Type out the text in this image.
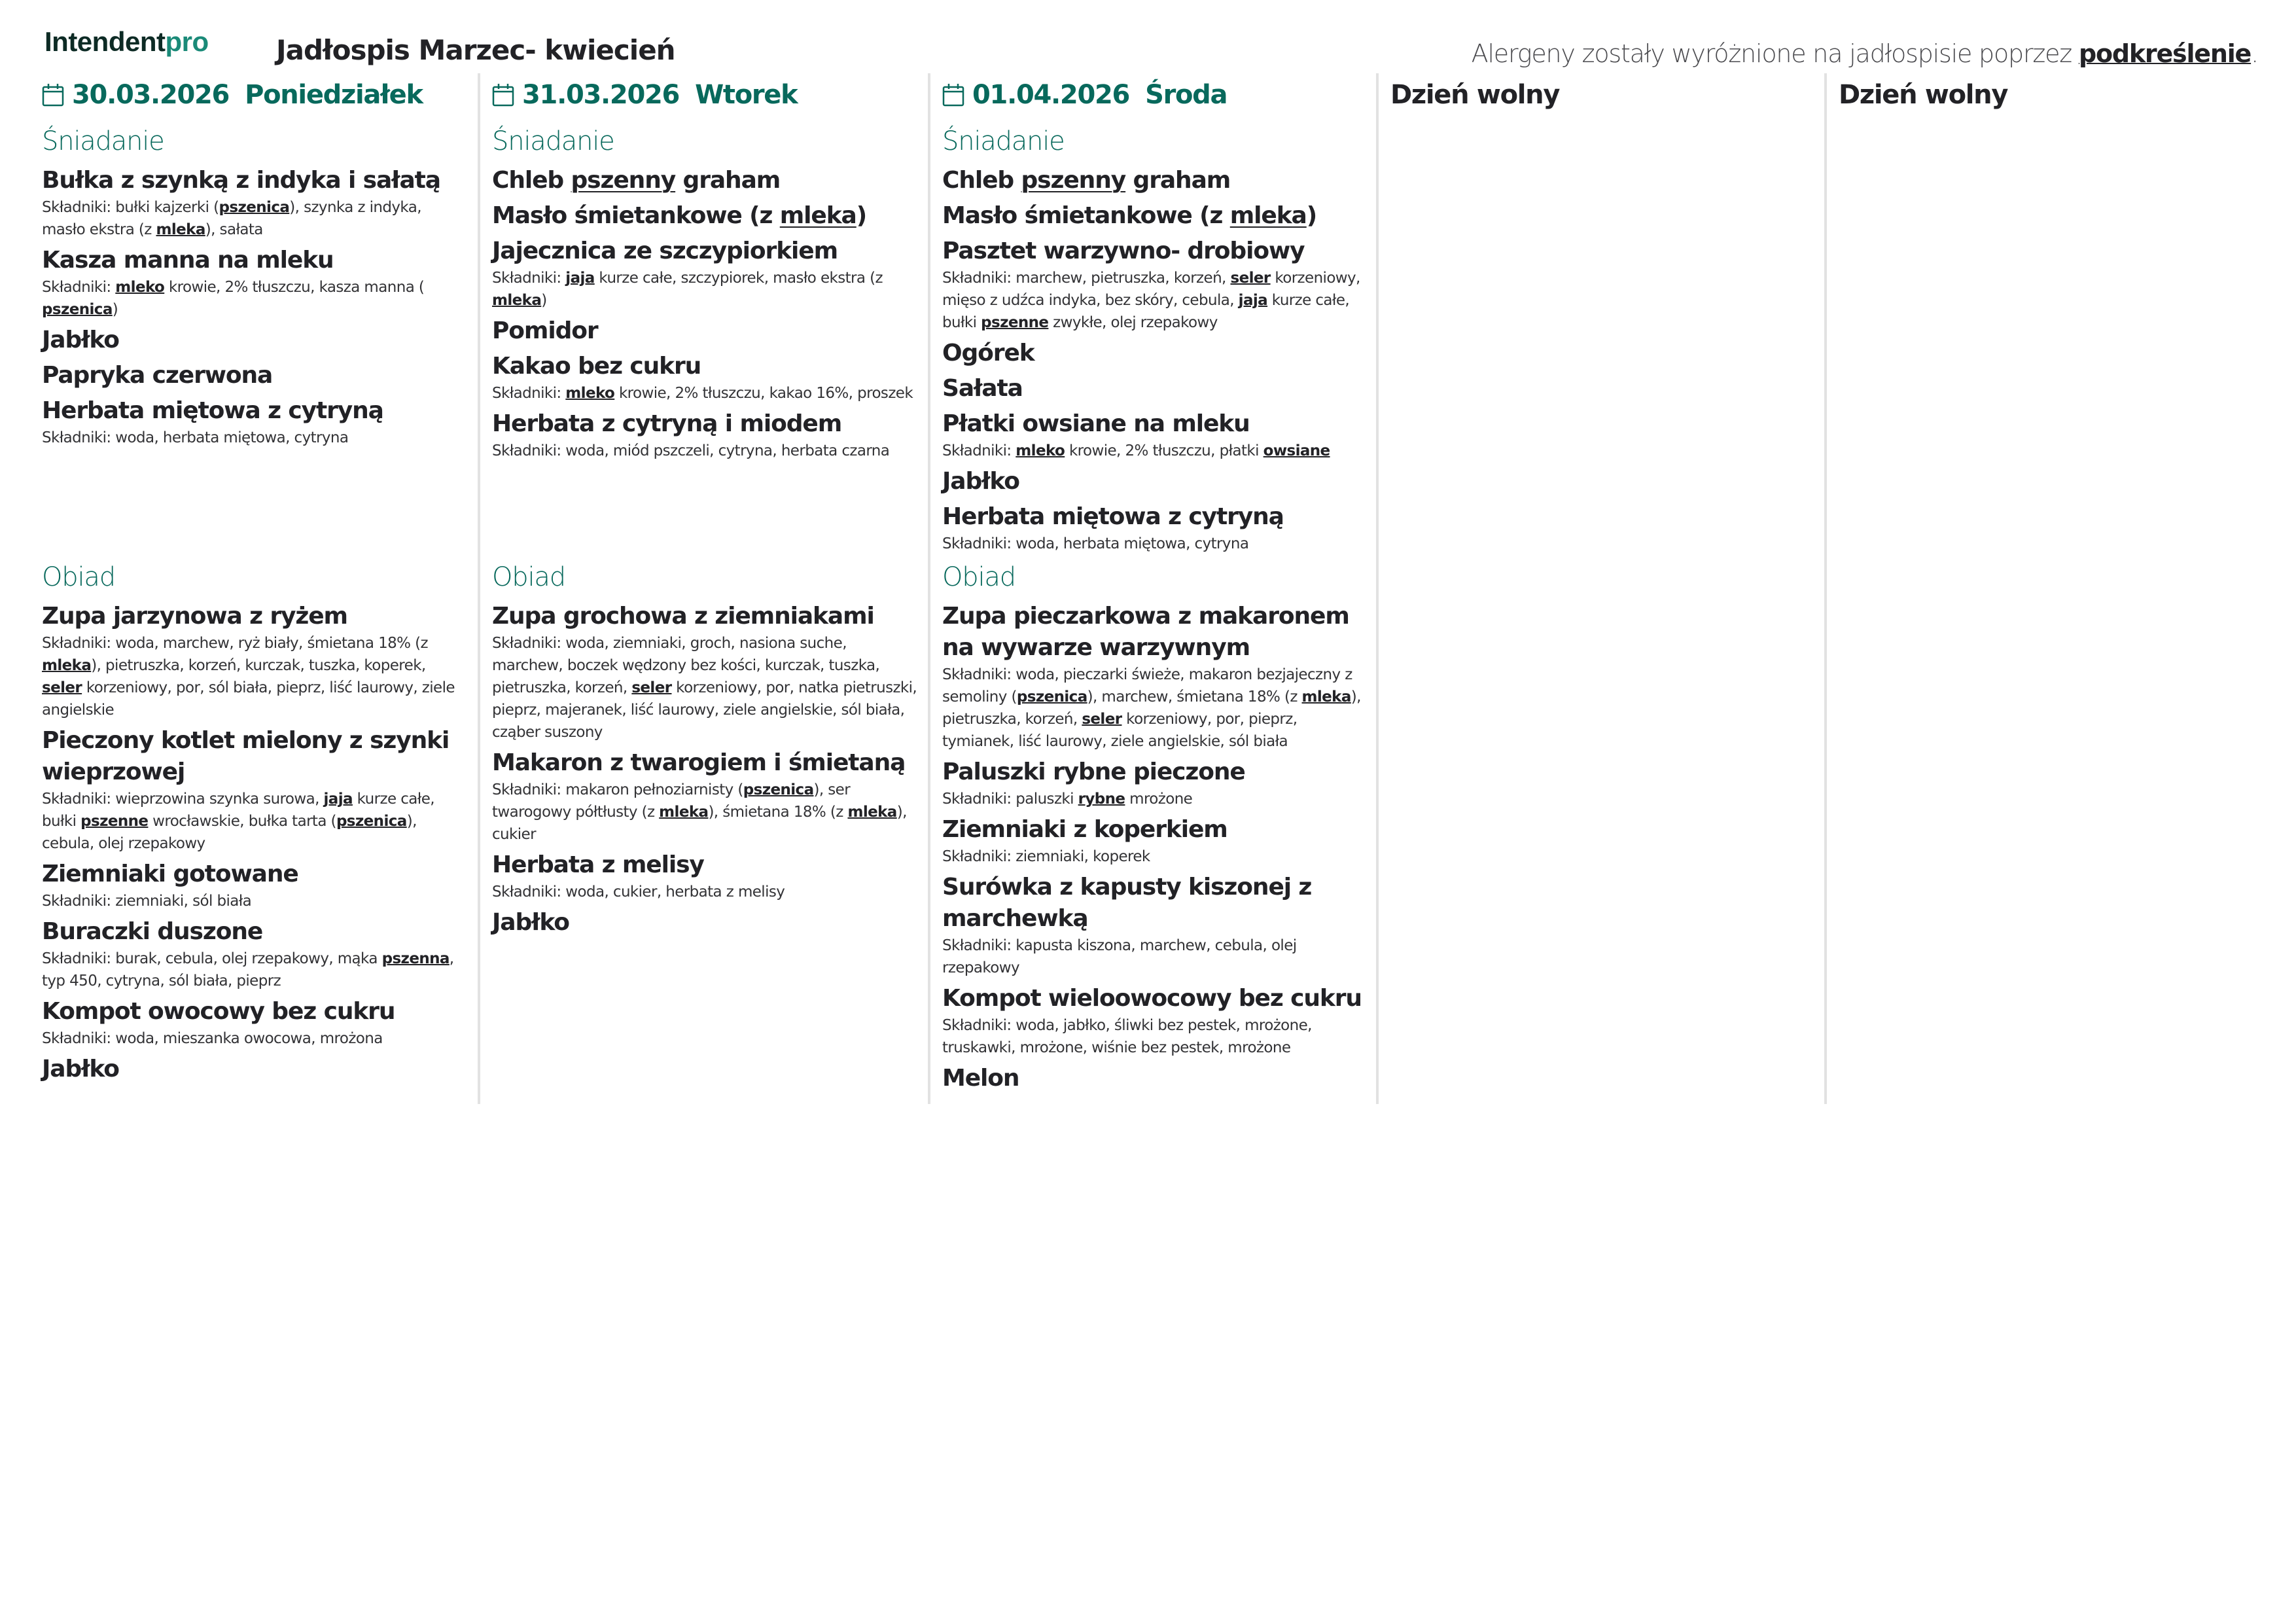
Intendentpro Jadłospis Marzec- kwiecień	Alergeny zostały wyróżnione na jadłospisie poprzez podkreślenie.
30.03.2026 Poniedziałek
Śniadanie
Bułka z szynką z indyka i sałatą
Składniki: bułki kajzerki (pszenica), szynka z indyka, masło ekstra (z mleka), sałata
Kasza manna na mleku
Składniki: mleko krowie, 2% tłuszczu, kasza manna ( pszenica)
Jabłko
Papryka czerwona
Herbata miętowa z cytryną
Składniki: woda, herbata miętowa, cytryna
Obiad
Zupa jarzynowa z ryżem
Składniki: woda, marchew, ryż biały, śmietana 18% (z mleka), pietruszka, korzeń, kurczak, tuszka, koperek, seler korzeniowy, por, sól biała, pieprz, liść laurowy, ziele angielskie
Pieczony kotlet mielony z szynki wieprzowej
Składniki: wieprzowina szynka surowa, jaja kurze całe, bułki pszenne wrocławskie, bułka tarta (pszenica), cebula, olej rzepakowy
Ziemniaki gotowane
Składniki: ziemniaki, sól biała
Buraczki duszone
Składniki: burak, cebula, olej rzepakowy, mąka pszenna, typ 450, cytryna, sól biała, pieprz
Kompot owocowy bez cukru
Składniki: woda, mieszanka owocowa, mrożona
Jabłko
31.03.2026 Wtorek
Śniadanie
Chleb pszenny graham
Masło śmietankowe (z mleka)
Jajecznica ze szczypiorkiem
Składniki: jaja kurze całe, szczypiorek, masło ekstra (z mleka)
Pomidor
Kakao bez cukru
Składniki: mleko krowie, 2% tłuszczu, kakao 16%, proszek
Herbata z cytryną i miodem
Składniki: woda, miód pszczeli, cytryna, herbata czarna
Obiad
Zupa grochowa z ziemniakami
Składniki: woda, ziemniaki, groch, nasiona suche, marchew, boczek wędzony bez kości, kurczak, tuszka, pietruszka, korzeń, seler korzeniowy, por, natka pietruszki, pieprz, majeranek, liść laurowy, ziele angielskie, sól biała, cząber suszony
Makaron z twarogiem i śmietaną
Składniki: makaron pełnoziarnisty (pszenica), ser twarogowy półtłusty (z mleka), śmietana 18% (z mleka), cukier
Herbata z melisy
Składniki: woda, cukier, herbata z melisy
Jabłko
01.04.2026 Środa
Śniadanie
Chleb pszenny graham
Masło śmietankowe (z mleka)
Pasztet warzywno- drobiowy
Składniki: marchew, pietruszka, korzeń, seler korzeniowy, mięso z udźca indyka, bez skóry, cebula, jaja kurze całe, bułki pszenne zwykłe, olej rzepakowy
Ogórek
Sałata
Płatki owsiane na mleku
Składniki: mleko krowie, 2% tłuszczu, płatki owsiane
Jabłko
Herbata miętowa z cytryną
Składniki: woda, herbata miętowa, cytryna
Obiad
Zupa pieczarkowa z makaronem na wywarze warzywnym
Składniki: woda, pieczarki świeże, makaron bezjajeczny z semoliny (pszenica), marchew, śmietana 18% (z mleka), pietruszka, korzeń, seler korzeniowy, por, pieprz, tymianek, liść laurowy, ziele angielskie, sól biała
Paluszki rybne pieczone
Składniki: paluszki rybne mrożone
Ziemniaki z koperkiem
Składniki: ziemniaki, koperek
Surówka z kapusty kiszonej z marchewką
Składniki: kapusta kiszona, marchew, cebula, olej rzepakowy
Kompot wieloowocowy bez cukru
Składniki: woda, jabłko, śliwki bez pestek, mrożone, truskawki, mrożone, wiśnie bez pestek, mrożone
Melon
Dzień wolny	Dzień wolny
